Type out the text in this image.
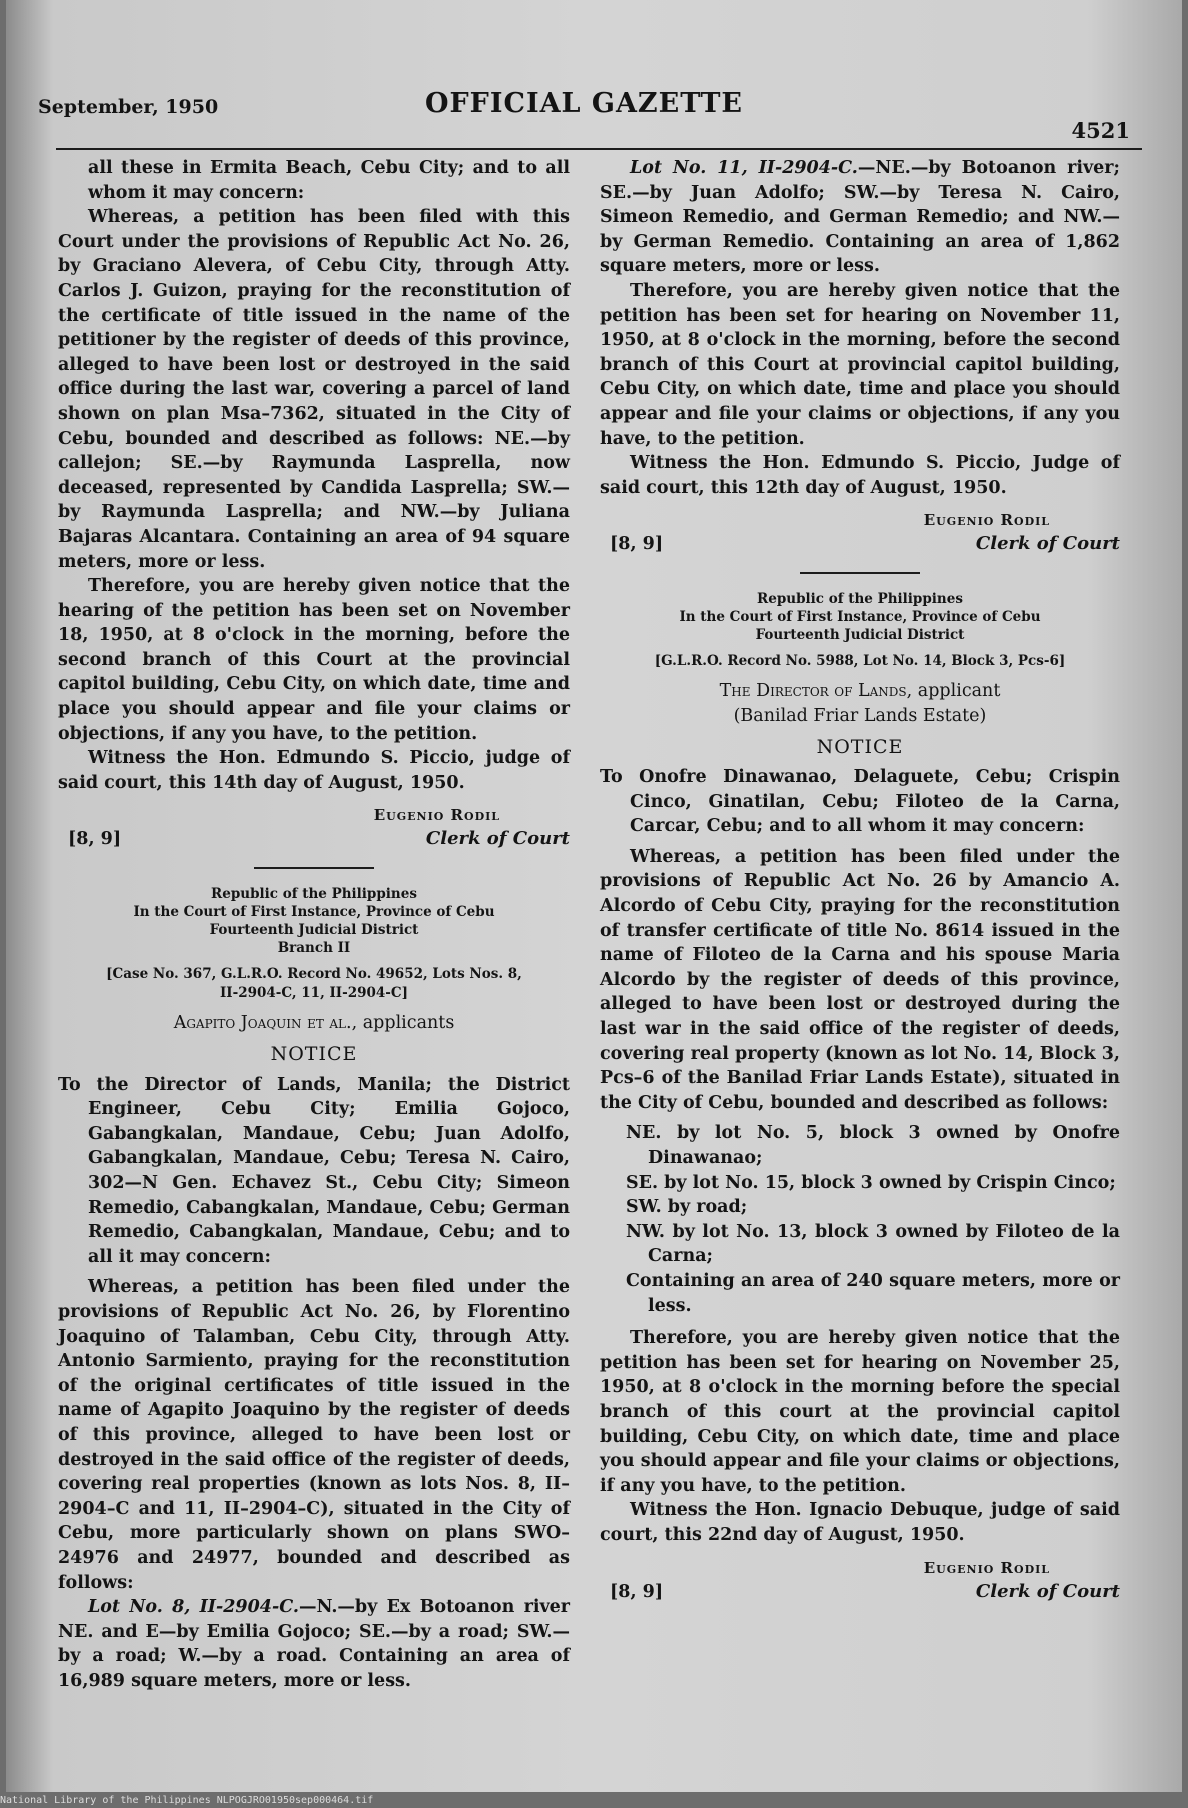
September, 1950	OFFICIAL GAZETTE
4521

all these in Ermita Beach, Cebu City; and to all whom it may concern:

Whereas, a petition has been filed with this Court under the provisions of Republic Act No. 26, by Graciano Alevera, of Cebu City, through Atty. Carlos J. Guizon, praying for the reconstitution of the certificate of title issued in the name of the petitioner by the register of deeds of this province, alleged to have been lost or destroyed in the said office during the last war, covering a parcel of land shown on plan Msa–7362, situated in the City of Cebu, bounded and described as follows: NE.—by callejon; SE.—by Raymunda Lasprella, now deceased, represented by Candida Lasprella; SW.—by Raymunda Lasprella; and NW.—by Juliana Bajaras Alcantara. Containing an area of 94 square meters, more or less.

Therefore, you are hereby given notice that the hearing of the petition has been set on November 18, 1950, at 8 o'clock in the morning, before the second branch of this Court at the provincial capitol building, Cebu City, on which date, time and place you should appear and file your claims or objections, if any you have, to the petition.

Witness the Hon. Edmundo S. Piccio, judge of said court, this 14th day of August, 1950.

Eugenio Rodil
[8, 9]	Clerk of Court
Republic of the Philippines
In the Court of First Instance, Province of Cebu
Fourteenth Judicial District
Branch II
[Case No. 367, G.L.R.O. Record No. 49652, Lots Nos. 8,
II-2904-C, 11, II-2904-C]
Agapito Joaquin et al., applicants
NOTICE

To the Director of Lands, Manila; the District Engineer, Cebu City; Emilia Gojoco, Gabangkalan, Mandaue, Cebu; Juan Adolfo, Gabangkalan, Mandaue, Cebu; Teresa N. Cairo, 302—N Gen. Echavez St., Cebu City; Simeon Remedio, Cabangkalan, Mandaue, Cebu; German Remedio, Cabangkalan, Mandaue, Cebu; and to all it may concern:

Whereas, a petition has been filed under the provisions of Republic Act No. 26, by Florentino Joaquino of Talamban, Cebu City, through Atty. Antonio Sarmiento, praying for the reconstitution of the original certificates of title issued in the name of Agapito Joaquino by the register of deeds of this province, alleged to have been lost or destroyed in the said office of the register of deeds, covering real properties (known as lots Nos. 8, II–2904–C and 11, II–2904–C), situated in the City of Cebu, more particularly shown on plans SWO–24976 and 24977, bounded and described as follows:

Lot No. 8, II-2904-C.—N.—by Ex Botoanon river NE. and E—by Emilia Gojoco; SE.—by a road; SW.—by a road; W.—by a road. Containing an area of 16,989 square meters, more or less.

Lot No. 11, II-2904-C.—NE.—by Botoanon river; SE.—by Juan Adolfo; SW.—by Teresa N. Cairo, Simeon Remedio, and German Remedio; and NW.—by German Remedio. Containing an area of 1,862 square meters, more or less.

Therefore, you are hereby given notice that the petition has been set for hearing on November 11, 1950, at 8 o'clock in the morning, before the second branch of this Court at provincial capitol building, Cebu City, on which date, time and place you should appear and file your claims or objections, if any you have, to the petition.

Witness the Hon. Edmundo S. Piccio, Judge of said court, this 12th day of August, 1950.

Eugenio Rodil
[8, 9]	Clerk of Court
Republic of the Philippines
In the Court of First Instance, Province of Cebu
Fourteenth Judicial District
[G.L.R.O. Record No. 5988, Lot No. 14, Block 3, Pcs-6]
The Director of Lands, applicant
(Banilad Friar Lands Estate)
NOTICE

To Onofre Dinawanao, Delaguete, Cebu; Crispin Cinco, Ginatilan, Cebu; Filoteo de la Carna, Carcar, Cebu; and to all whom it may concern:

Whereas, a petition has been filed under the provisions of Republic Act No. 26 by Amancio A. Alcordo of Cebu City, praying for the reconstitution of transfer certificate of title No. 8614 issued in the name of Filoteo de la Carna and his spouse Maria Alcordo by the register of deeds of this province, alleged to have been lost or destroyed during the last war in the said office of the register of deeds, covering real property (known as lot No. 14, Block 3, Pcs–6 of the Banilad Friar Lands Estate), situated in the City of Cebu, bounded and described as follows:

NE. by lot No. 5, block 3 owned by Onofre Dinawanao;

SE. by lot No. 15, block 3 owned by Crispin Cinco;

SW. by road;

NW. by lot No. 13, block 3 owned by Filoteo de la Carna;

Containing an area of 240 square meters, more or less.

Therefore, you are hereby given notice that the petition has been set for hearing on November 25, 1950, at 8 o'clock in the morning before the special branch of this court at the provincial capitol building, Cebu City, on which date, time and place you should appear and file your claims or objections, if any you have, to the petition.

Witness the Hon. Ignacio Debuque, judge of said court, this 22nd day of August, 1950.

Eugenio Rodil
[8, 9]	Clerk of Court
National Library of the Philippines NLPOGJRO01950sep000464.tif
